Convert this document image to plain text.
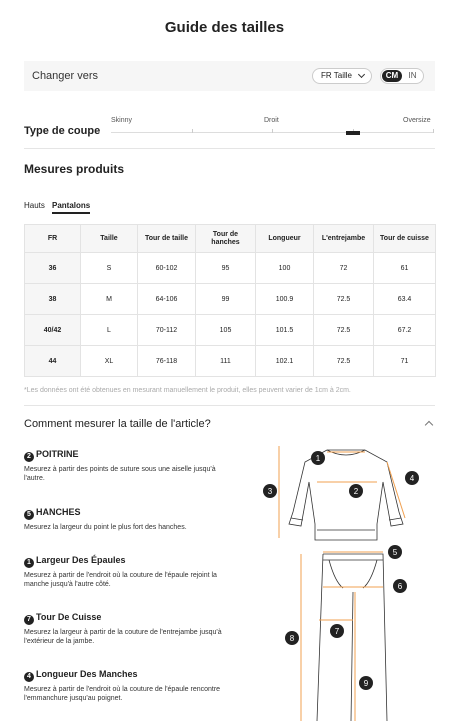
Guide des tailles
Changer vers	FR Taille	CM	IN
Type de coupe
Skinny	Droit	Oversize
Mesures produits
Hauts Pantalons
FR	Taille	Tour de taille	Tour de hanches	Longueur	L'entrejambe	Tour de cuisse
36	S	60-102	95	100	72	61
38	M	64-106	99	100.9	72.5	63.4
40/42	L	70-112	105	101.5	72.5	67.2
44	XL	76-118	111	102.1	72.5	71
*Les données ont été obtenues en mesurant manuellement le produit, elles peuvent varier de 1cm à 2cm.
Comment mesurer la taille de l'article?
2 POITRINE
Mesurez à partir des points de suture sous une aiselle jusqu'à l'autre.
5 HANCHES
Mesurez la largeur du point le plus fort des hanches.
1 Largeur Des Épaules
Mesurez à partir de l'endroit où la couture de l'épaule rejoint la manche jusqu'à l'autre côté.
7 Tour De Cuisse
Mesurez la largeur à partir de la couture de l'entrejambe jusqu'à l'extérieur de la jambe.
4 Longueur Des Manches
Mesurez à partir de l'endroit où la couture de l'épaule rencontre l'emmanchure jusqu'au poignet.
1
2
3
4
5
6
7
8
9
